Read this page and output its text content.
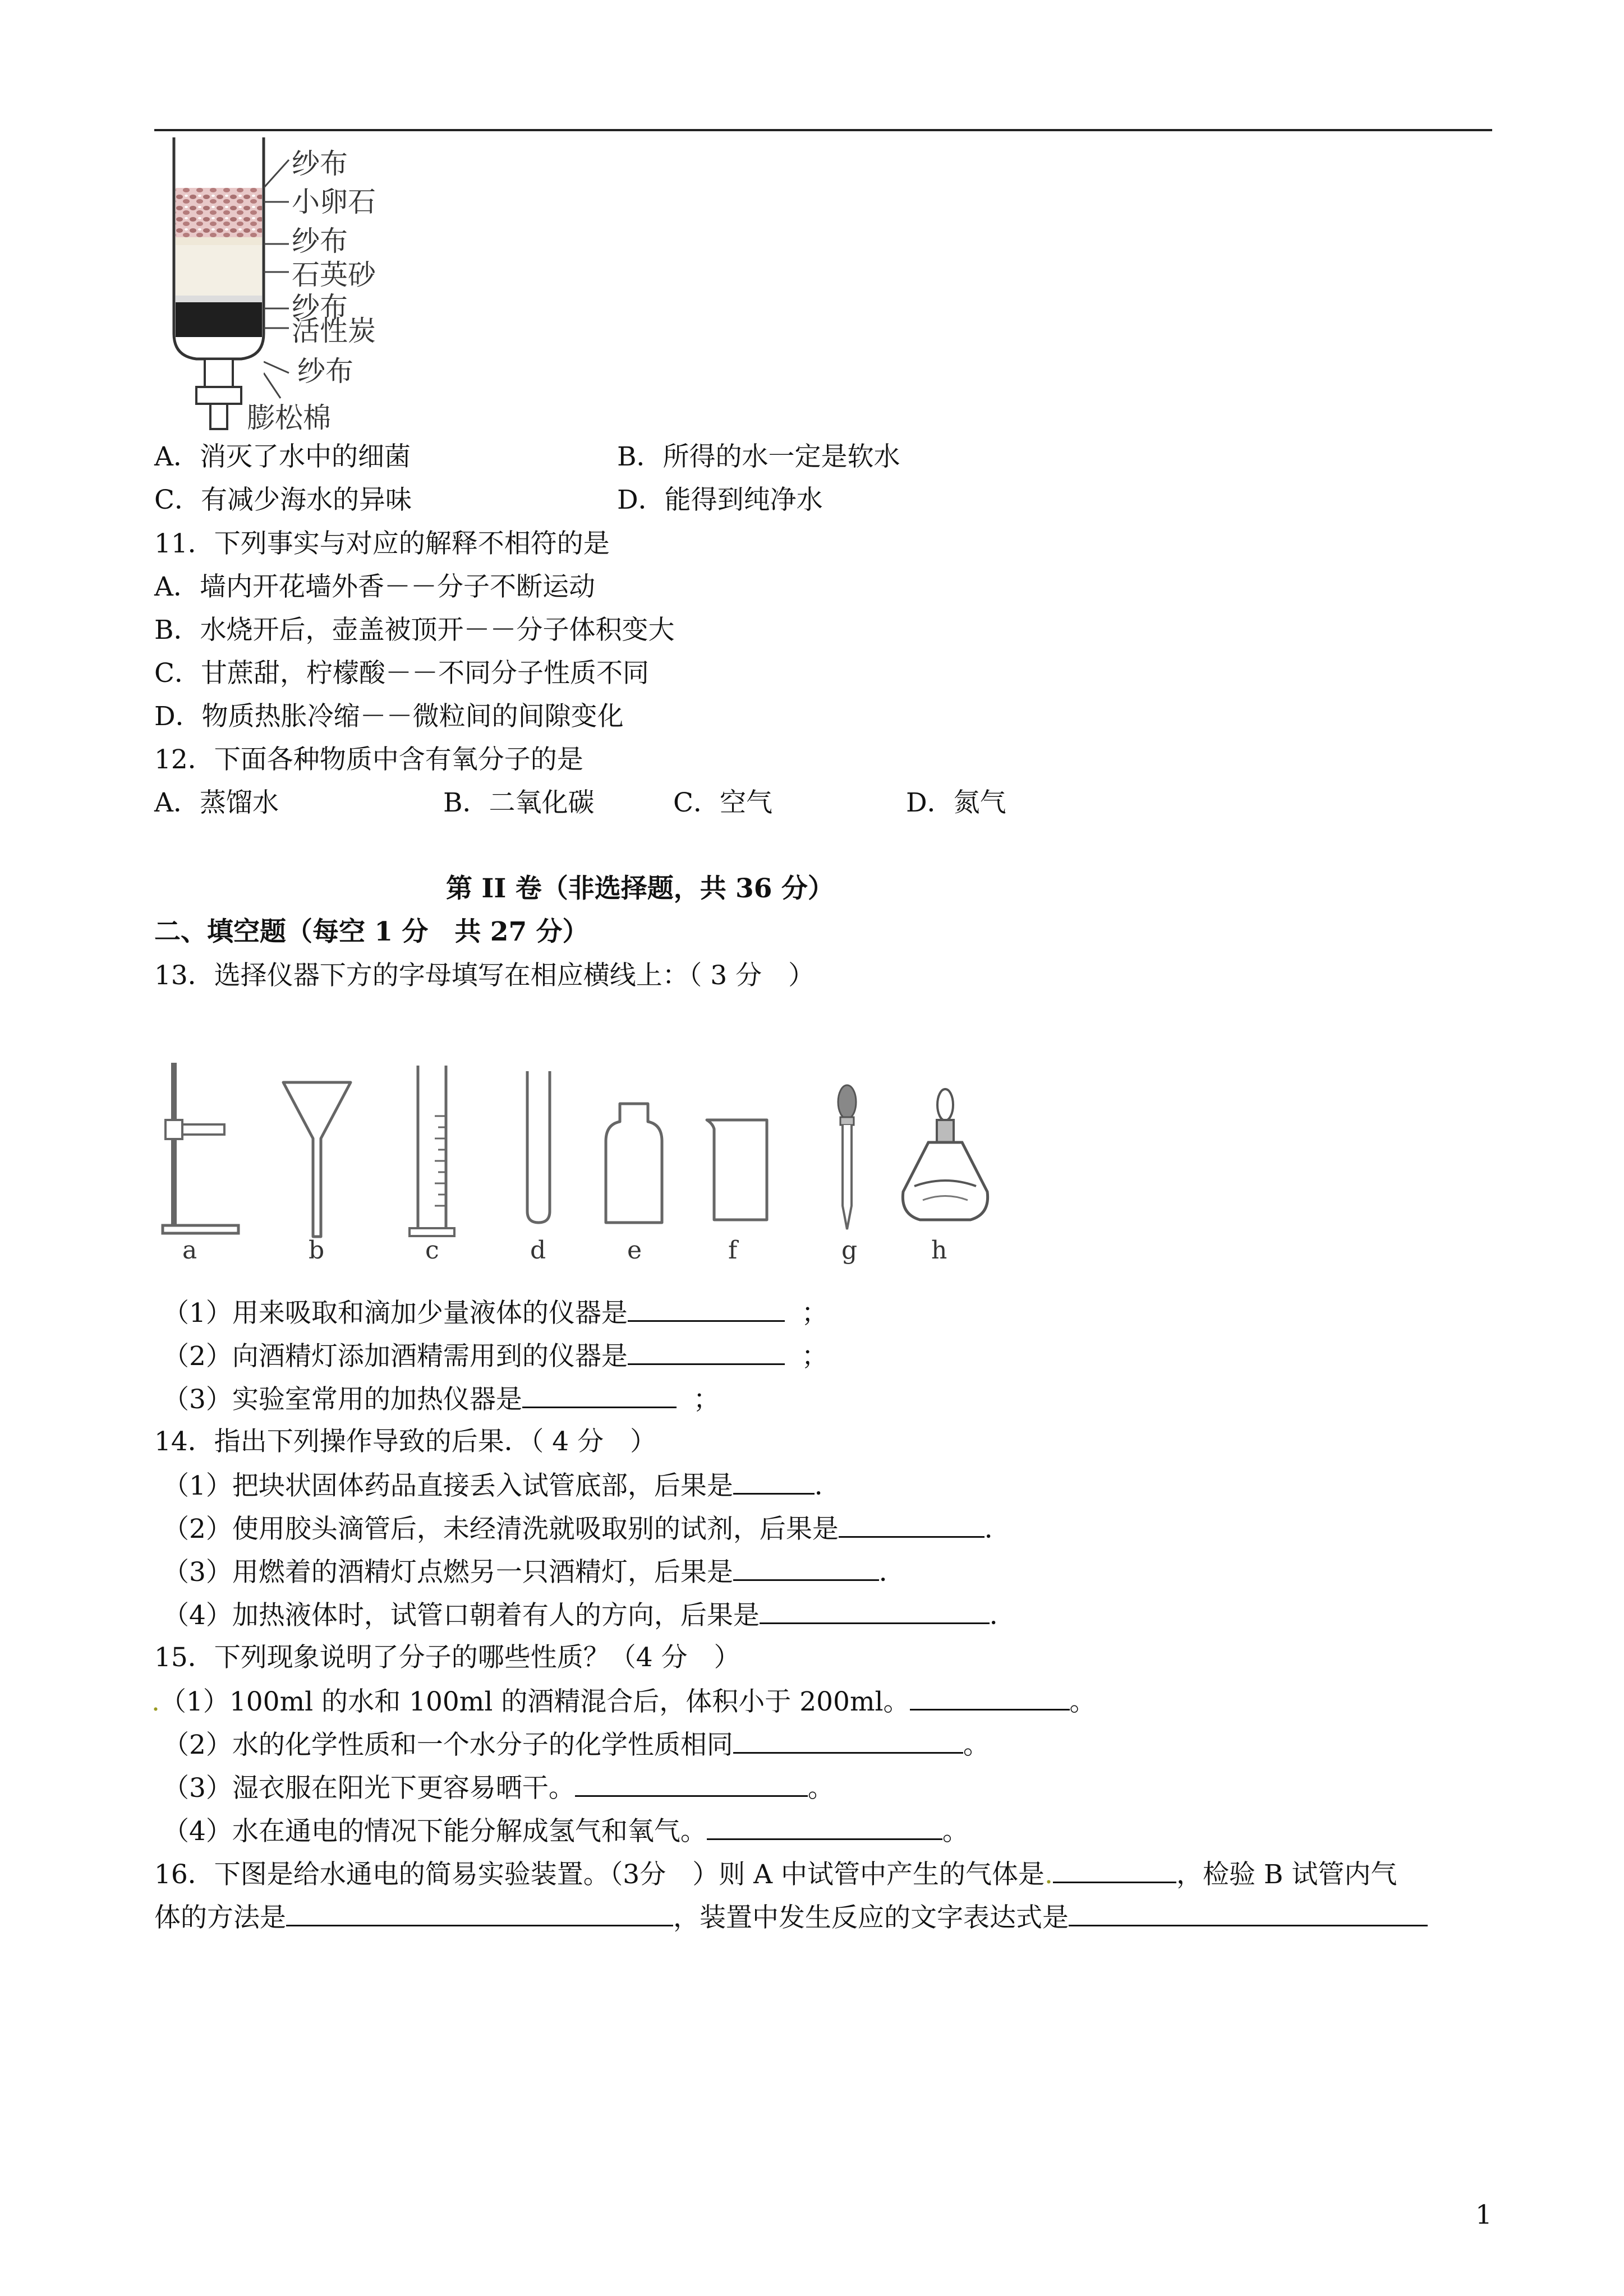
纱布
小卵石
纱布
石英砂
纱布
活性炭
纱布
膨松棉
A．消灭了水中的细菌	B．所得的水一定是软水
C．有减少海水的异味	D．能得到纯净水
11．下列事实与对应的解释不相符的是
A．墙内开花墙外香－－分子不断运动
B．水烧开后，壶盖被顶开－－分子体积变大
C．甘蔗甜，柠檬酸－－不同分子性质不同
D．物质热胀冷缩－－微粒间的间隙变化
12．下面各种物质中含有氧分子的是
A．蒸馏水	B．二氧化碳	C．空气	D．氮气
第 II 卷（非选择题，共 36 分）
二、填空题（每空 1 分　共 27 分）
13．选择仪器下方的字母填写在相应横线上：（ 3 分　）
a	b	c	d	e	f	g	h
（1）用来吸取和滴加少量液体的仪器是	；
（2）向酒精灯添加酒精需用到的仪器是	；
（3）实验室常用的加热仪器是	；
14．指出下列操作导致的后果．（ 4 分　）
（1）把块状固体药品直接丢入试管底部，后果是	．
（2）使用胶头滴管后，未经清洗就吸取别的试剂，后果是	．
（3）用燃着的酒精灯点燃另一只酒精灯，后果是	．
（4）加热液体时，试管口朝着有人的方向，后果是	．
15．下列现象说明了分子的哪些性质？（4 分　）
.（1）100ml 的水和 100ml 的酒精混合后，体积小于 200ml。	。
（2）水的化学性质和一个水分子的化学性质相同	。
（3）湿衣服在阳光下更容易晒干。	。
（4）水在通电的情况下能分解成氢气和氧气。	。
16．下图是给水通电的简易实验装置。（3分　）则 A 中试管中产生的气体是.	，检验 B 试管内气
体的方法是	，装置中发生反应的文字表达式是
1
